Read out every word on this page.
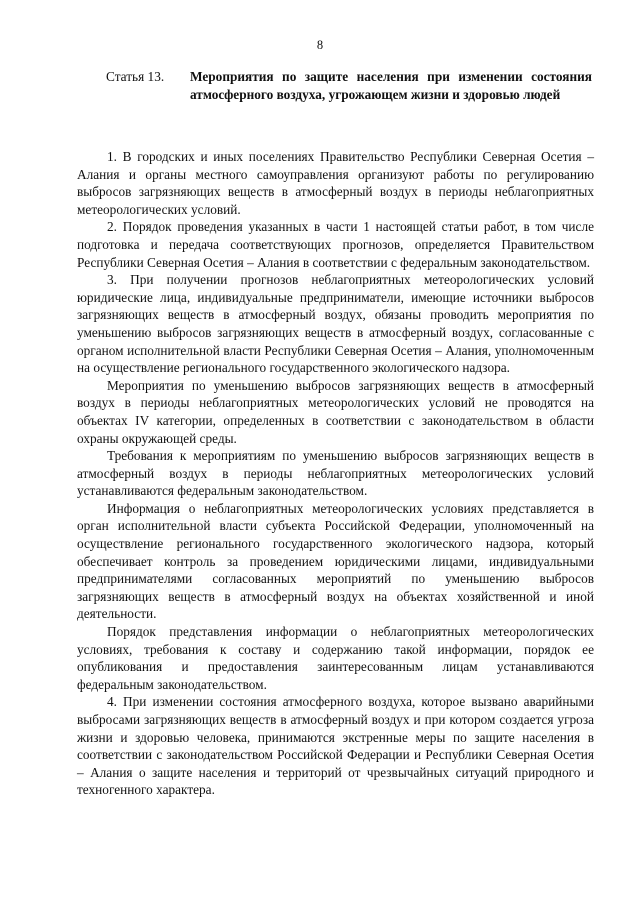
8
Статья 13.	Мероприятия по защите населения при изменении состояния атмосферного воздуха, угрожающем жизни и здоровью людей

1. В городских и иных поселениях Правительство Республики Северная Осетия – Алания и органы местного самоуправления организуют работы по регулированию выбросов загрязняющих веществ в атмосферный воздух в периоды неблагоприятных метеорологических условий.

2. Порядок проведения указанных в части 1 настоящей статьи работ, в том числе подготовка и передача соответствующих прогнозов, определяется Правительством Республики Северная Осетия – Алания в соответствии с федеральным законодательством.

3. При получении прогнозов неблагоприятных метеорологических условий юридические лица, индивидуальные предприниматели, имеющие источники выбросов загрязняющих веществ в атмосферный воздух, обязаны проводить мероприятия по уменьшению выбросов загрязняющих веществ в атмосферный воздух, согласованные с органом исполнительной власти Республики Северная Осетия – Алания, уполномоченным на осуществление регионального государственного экологического надзора.

Мероприятия по уменьшению выбросов загрязняющих веществ в атмосферный воздух в периоды неблагоприятных метеорологических условий не проводятся на объектах IV категории, определенных в соответствии с законодательством в области охраны окружающей среды.

Требования к мероприятиям по уменьшению выбросов загрязняющих веществ в атмосферный воздух в периоды неблагоприятных метеорологических условий устанавливаются федеральным законодательством.

Информация о неблагоприятных метеорологических условиях представляется в орган исполнительной власти субъекта Российской Федерации, уполномоченный на осуществление регионального государственного экологического надзора, который обеспечивает контроль за проведением юридическими лицами, индивидуальными предпринимателями согласованных мероприятий по уменьшению выбросов загрязняющих веществ в атмосферный воздух на объектах хозяйственной и иной деятельности.

Порядок представления информации о неблагоприятных метеорологических условиях, требования к составу и содержанию такой информации, порядок ее опубликования и предоставления заинтересованным лицам устанавливаются федеральным законодательством.

4. При изменении состояния атмосферного воздуха, которое вызвано аварийными выбросами загрязняющих веществ в атмосферный воздух и при котором создается угроза жизни и здоровью человека, принимаются экстренные меры по защите населения в соответствии с законодательством Российской Федерации и Республики Северная Осетия – Алания о защите населения и территорий от чрезвычайных ситуаций природного и техногенного характера.
